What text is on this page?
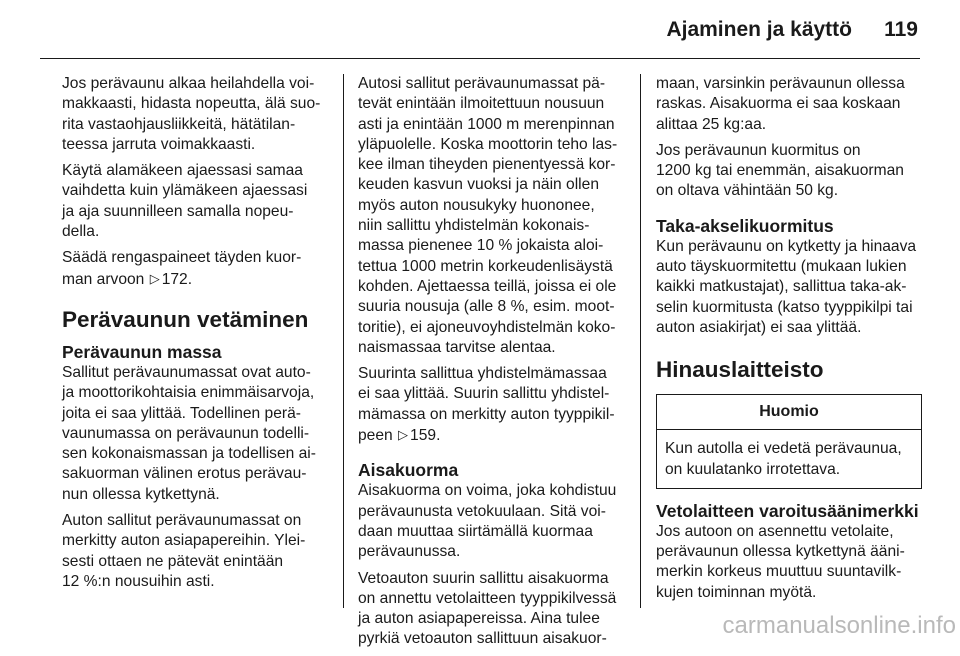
Ajaminen ja käyttö 119

Jos perävaunu alkaa heilahdella voi-
makkaasti, hidasta nopeutta, älä suo-
rita vastaohjausliikkeitä, hätätilan-
teessa jarruta voimakkaasti.

Käytä alamäkeen ajaessasi samaa
vaihdetta kuin ylämäkeen ajaessasi
ja aja suunnilleen samalla nopeu-
della.

Säädä rengaspaineet täyden kuor-
man arvoon ▷ 172.

Perävaunun vetäminen
Perävaunun massa

Sallitut perävaunumassat ovat auto-
ja moottorikohtaisia enimmäisarvoja,
joita ei saa ylittää. Todellinen perä-
vaunumassa on perävaunun todelli-
sen kokonaismassan ja todellisen ai-
sakuorman välinen erotus perävau-
nun ollessa kytkettynä.

Auton sallitut perävaunumassat on
merkitty auton asiapapereihin. Ylei-
sesti ottaen ne pätevät enintään
12 %:n nousuihin asti.

Autosi sallitut perävaunumassat pä-
tevät enintään ilmoitettuun nousuun
asti ja enintään 1000 m merenpinnan
yläpuolelle. Koska moottorin teho las-
kee ilman tiheyden pienentyessä kor-
keuden kasvun vuoksi ja näin ollen
myös auton nousukyky huononee,
niin sallittu yhdistelmän kokonais-
massa pienenee 10 % jokaista aloi-
tettua 1000 metrin korkeudenlisäystä
kohden. Ajettaessa teillä, joissa ei ole
suuria nousuja (alle 8 %, esim. moot-
toritie), ei ajoneuvoyhdistelmän koko-
naismassaa tarvitse alentaa.

Suurinta sallittua yhdistelmämassaa
ei saa ylittää. Suurin sallittu yhdistel-
mämassa on merkitty auton tyyppikil-
peen ▷ 159.

Aisakuorma

Aisakuorma on voima, joka kohdistuu
perävaunusta vetokuulaan. Sitä voi-
daan muuttaa siirtämällä kuormaa
perävaunussa.

Vetoauton suurin sallittu aisakuorma
on annettu vetolaitteen tyyppikilvessä
ja auton asiapapereissa. Aina tulee
pyrkiä vetoauton sallittuun aisakuor-

maan, varsinkin perävaunun ollessa
raskas. Aisakuorma ei saa koskaan
alittaa 25 kg:aa.

Jos perävaunun kuormitus on
1200 kg tai enemmän, aisakuorman
on oltava vähintään 50 kg.

Taka-akselikuormitus

Kun perävaunu on kytketty ja hinaava
auto täyskuormitettu (mukaan lukien
kaikki matkustajat), sallittua taka-ak-
selin kuormitusta (katso tyyppikilpi tai
auton asiakirjat) ei saa ylittää.

Hinauslaitteisto
Huomio
Kun autolla ei vedetä perävaunua,
on kuulatanko irrotettava.
Vetolaitteen varoitusäänimerkki

Jos autoon on asennettu vetolaite,
perävaunun ollessa kytkettynä ääni-
merkin korkeus muuttuu suuntavilk-
kujen toiminnan myötä.

carmanualsonline.info
